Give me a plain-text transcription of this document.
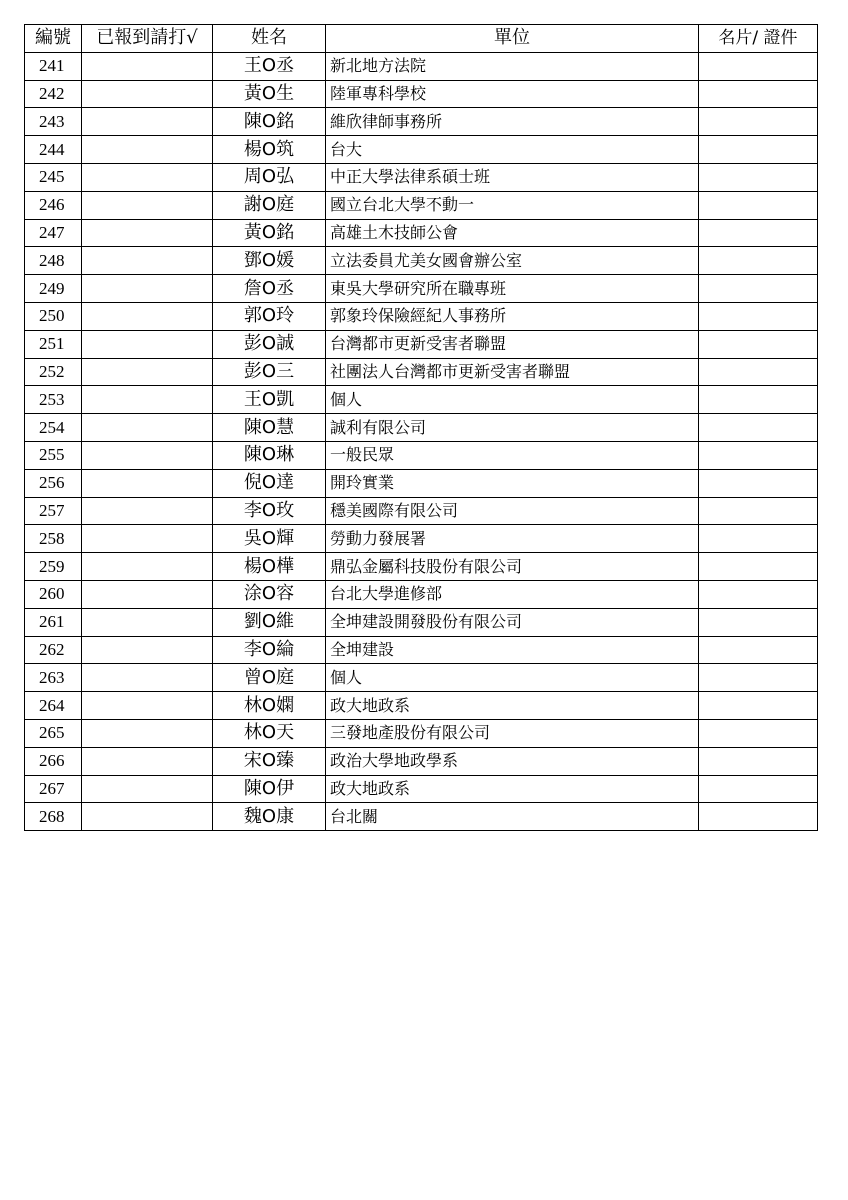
編號	已報到請打√	姓名	單位	名片/ 證件
241		王O丞	新北地方法院	
242		黃O生	陸軍專科學校	
243		陳O銘	維欣律師事務所	
244		楊O筑	台大	
245		周O弘	中正大學法律系碩士班	
246		謝O庭	國立台北大學不動一	
247		黃O銘	高雄土木技師公會	
248		鄧O媛	立法委員尤美女國會辦公室	
249		詹O丞	東吳大學研究所在職專班	
250		郭O玲	郭象玲保險經紀人事務所	
251		彭O誠	台灣都市更新受害者聯盟	
252		彭O三	社團法人台灣都市更新受害者聯盟	
253		王O凱	個人	
254		陳O慧	誠利有限公司	
255		陳O琳	一般民眾	
256		倪O達	開玲實業	
257		李O玫	穩美國際有限公司	
258		吳O輝	勞動力發展署	
259		楊O樺	鼎弘金屬科技股份有限公司	
260		涂O容	台北大學進修部	
261		劉O維	全坤建設開發股份有限公司	
262		李O綸	全坤建設	
263		曾O庭	個人	
264		林O嫻	政大地政系	
265		林O天	三發地產股份有限公司	
266		宋O臻	政治大學地政學系	
267		陳O伊	政大地政系	
268		魏O康	台北關	
